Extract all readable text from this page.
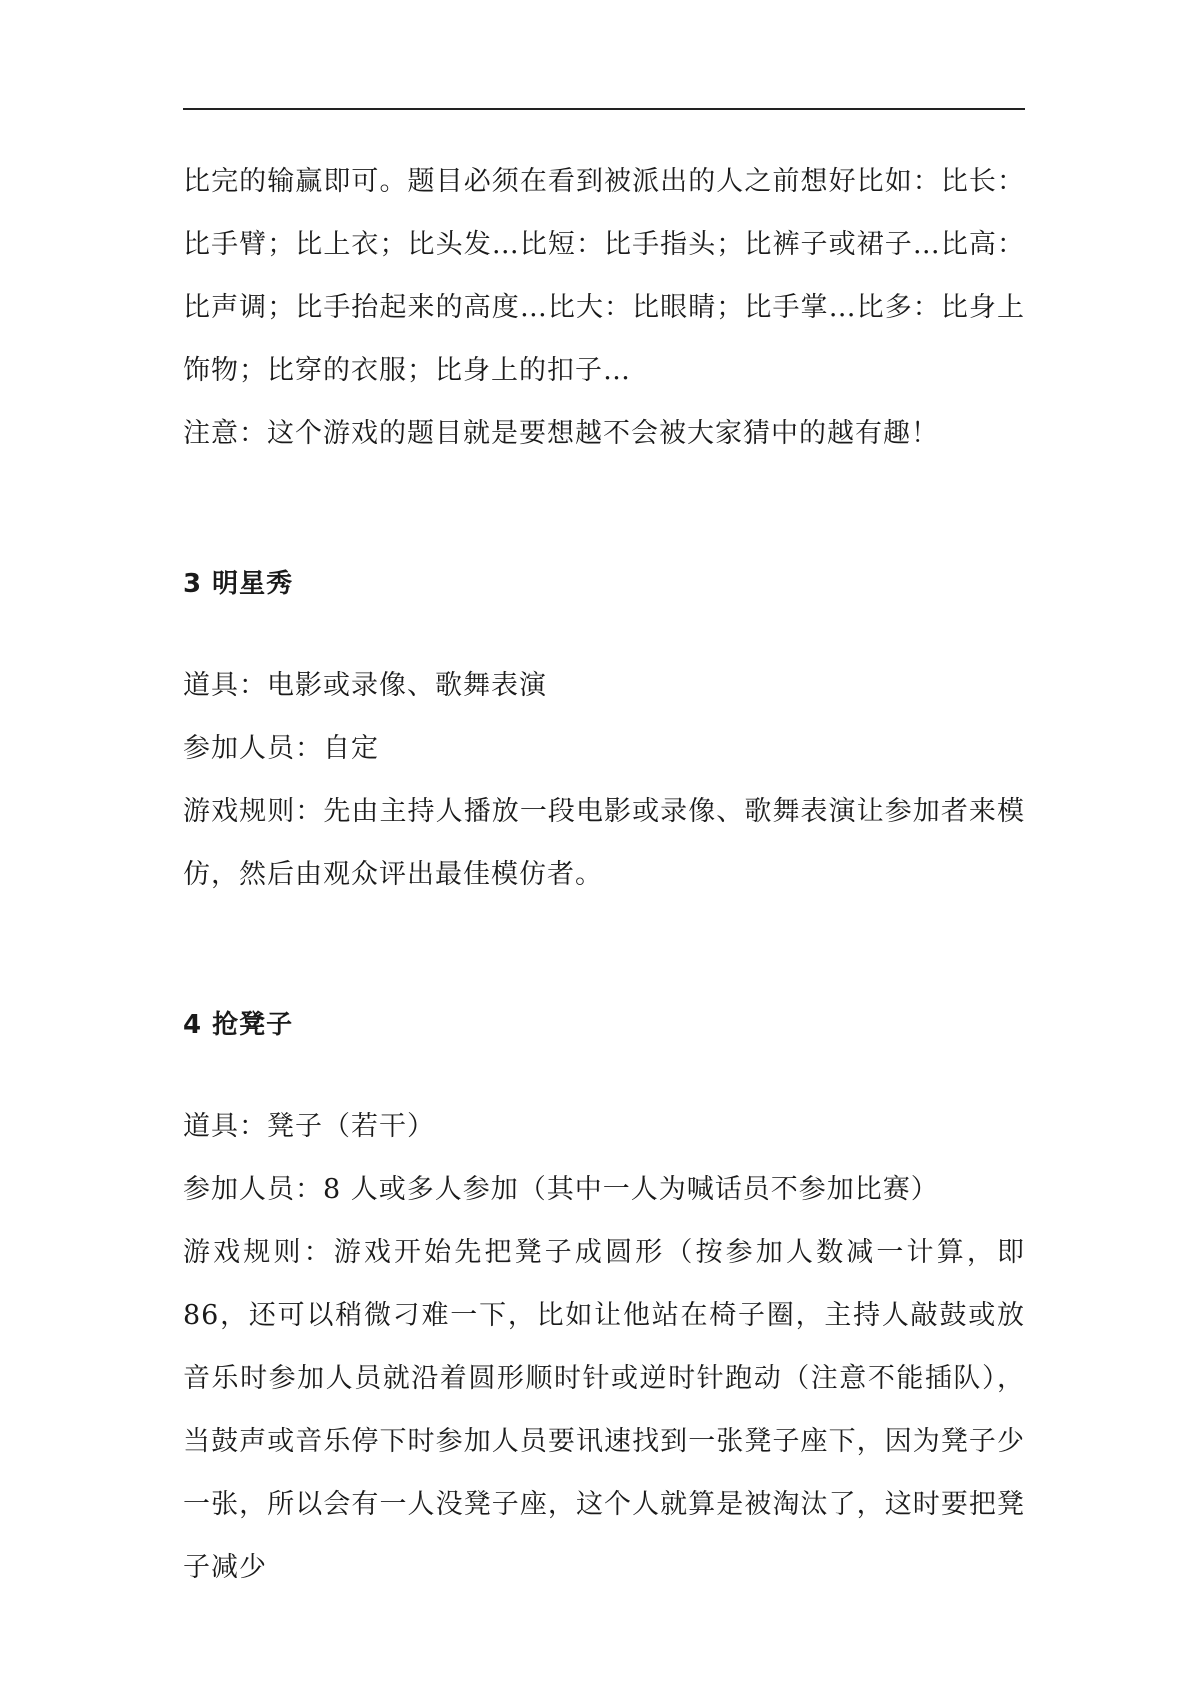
比完的输赢即可。题目必须在看到被派出的人之前想好比如：比长：比手臂；比上衣；比头发…比短：比手指头；比裤子或裙子…比高：比声调；比手抬起来的高度…比大：比眼睛；比手掌…比多：比身上饰物；比穿的衣服；比身上的扣子…

注意：这个游戏的题目就是要想越不会被大家猜中的越有趣！

3 明星秀

道具：电影或录像、歌舞表演

参加人员：自定

游戏规则：先由主持人播放一段电影或录像、歌舞表演让参加者来模仿，然后由观众评出最佳模仿者。

4 抢凳子

道具：凳子（若干）

参加人员：8 人或多人参加（其中一人为喊话员不参加比赛）

游戏规则：游戏开始先把凳子成圆形（按参加人数减一计算，即 86，还可以稍微刁难一下，比如让他站在椅子圈，主持人敲鼓或放音乐时参加人员就沿着圆形顺时针或逆时针跑动（注意不能插队），当鼓声或音乐停下时参加人员要讯速找到一张凳子座下，因为凳子少一张，所以会有一人没凳子座，这个人就算是被淘汰了，这时要把凳子减少
